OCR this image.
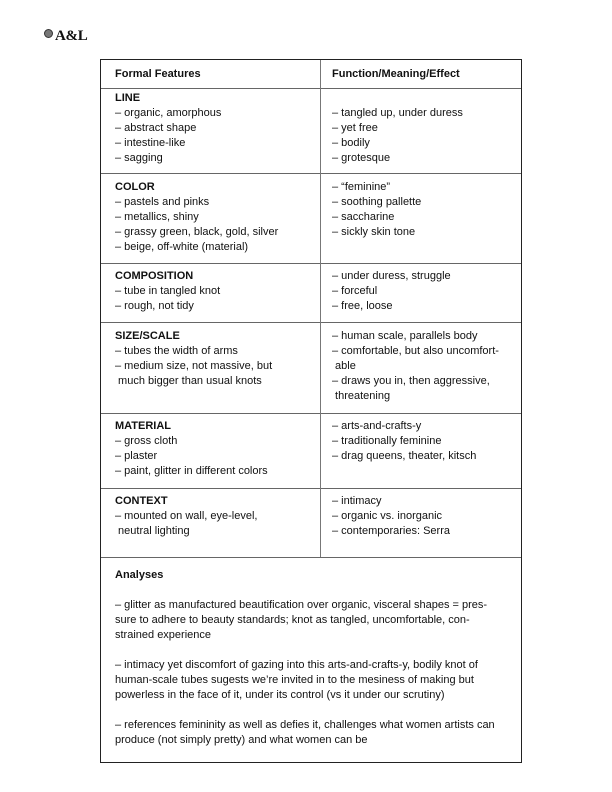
A&L
Formal Features	Function/Meaning/Effect
LINE
– organic, amorphous
– abstract shape
– intestine-like
– sagging
– tangled up, under duress
– yet free
– bodily
– grotesque
COLOR
– pastels and pinks
– metallics, shiny
– grassy green, black, gold, silver
– beige, off-white (material)
– “feminine”
– soothing pallette
– saccharine
– sickly skin tone
COMPOSITION
– tube in tangled knot
– rough, not tidy
– under duress, struggle
– forceful
– free, loose
SIZE/SCALE
– tubes the width of arms
– medium size, not massive, but
much bigger than usual knots
– human scale, parallels body
– comfortable, but also uncomfort-
able
– draws you in, then aggressive,
threatening
MATERIAL
– gross cloth
– plaster
– paint, glitter in different colors
– arts-and-crafts-y
– traditionally feminine
– drag queens, theater, kitsch
CONTEXT
– mounted on wall, eye-level,
neutral lighting
– intimacy
– organic vs. inorganic
– contemporaries: Serra
Analyses
– glitter as manufactured beautification over organic, visceral shapes = pres-
sure to adhere to beauty standards; knot as tangled, uncomfortable, con-
strained experience
– intimacy yet discomfort of gazing into this arts-and-crafts-y, bodily knot of
human-scale tubes sugests we’re invited in to the mesiness of making but
powerless in the face of it, under its control (vs it under our scrutiny)
– references femininity as well as defies it, challenges what women artists can
produce (not simply pretty) and what women can be
